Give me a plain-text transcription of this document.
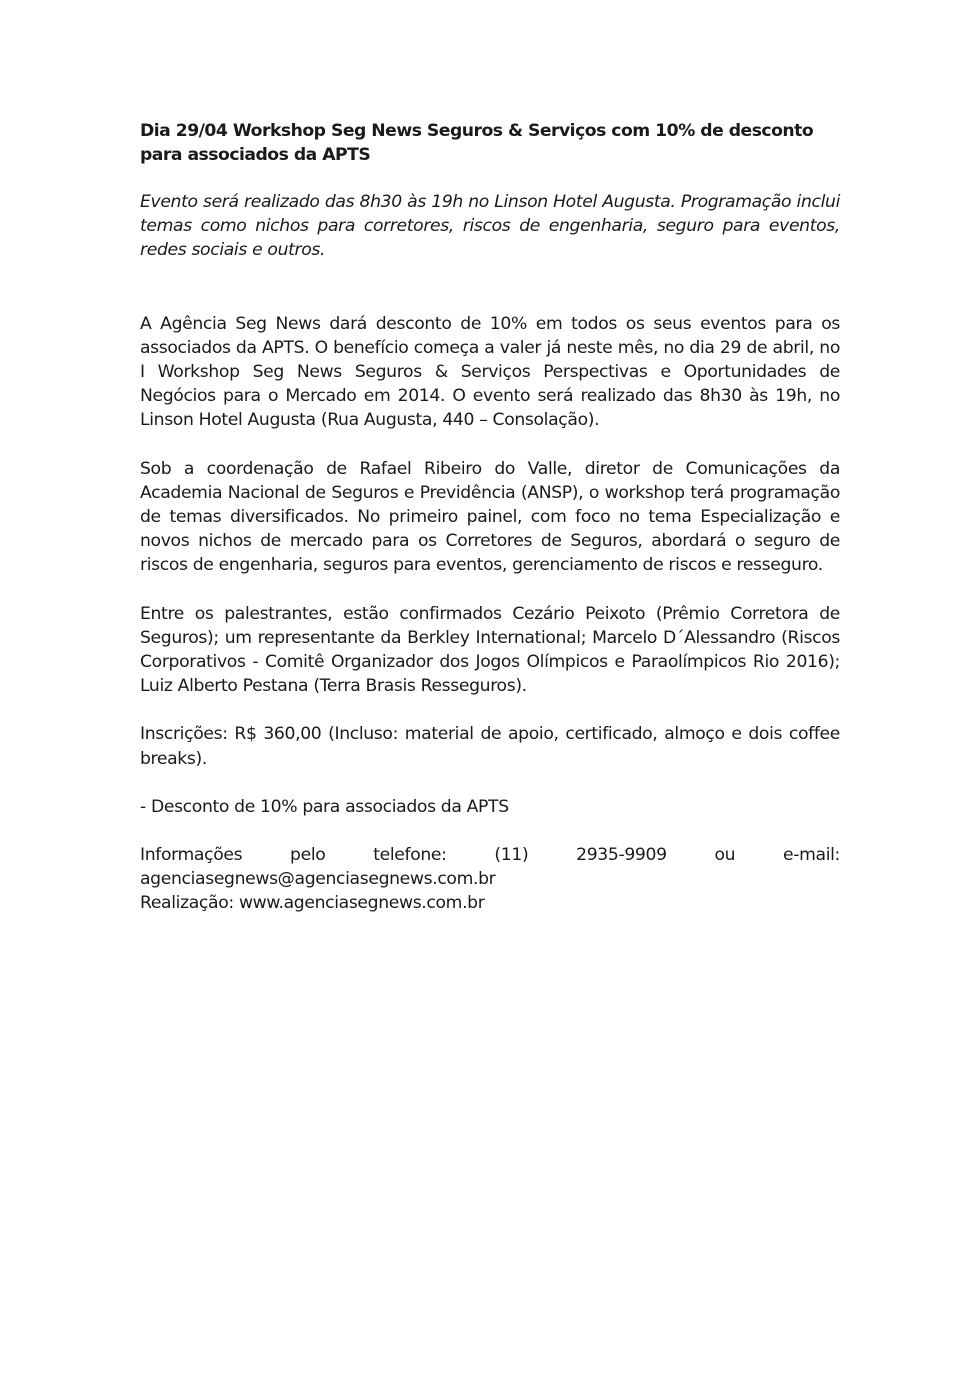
Dia 29/04 Workshop Seg News Seguros & Serviços com 10% de desconto para associados da APTS

Evento será realizado das 8h30 às 19h no Linson Hotel Augusta. Programação inclui temas como nichos para corretores, riscos de engenharia, seguro para eventos, redes sociais e outros.

A Agência Seg News dará desconto de 10% em todos os seus eventos para os associados da APTS. O benefício começa a valer já neste mês, no dia 29 de abril, no I Workshop Seg News Seguros & Serviços Perspectivas e Oportunidades de Negócios para o Mercado em 2014. O evento será realizado das 8h30 às 19h, no Linson Hotel Augusta (Rua Augusta, 440 – Consolação).

Sob a coordenação de Rafael Ribeiro do Valle, diretor de Comunicações da Academia Nacional de Seguros e Previdência (ANSP), o workshop terá programação de temas diversificados. No primeiro painel, com foco no tema Especialização e novos nichos de mercado para os Corretores de Seguros, abordará o seguro de riscos de engenharia, seguros para eventos, gerenciamento de riscos e resseguro.

Entre os palestrantes, estão confirmados Cezário Peixoto (Prêmio Corretora de Seguros); um representante da Berkley International; Marcelo D´Alessandro (Riscos Corporativos - Comitê Organizador dos Jogos Olímpicos e Paraolímpicos Rio 2016); Luiz Alberto Pestana (Terra Brasis Resseguros).

Inscrições: R$ 360,00 (Incluso: material de apoio, certificado, almoço e dois coffee breaks).

- Desconto de 10% para associados da APTS

Informações pelo telefone: (11) 2935-9909 ou e-mail:
agenciasegnews@agenciasegnews.com.br
Realização: www.agenciasegnews.com.br
